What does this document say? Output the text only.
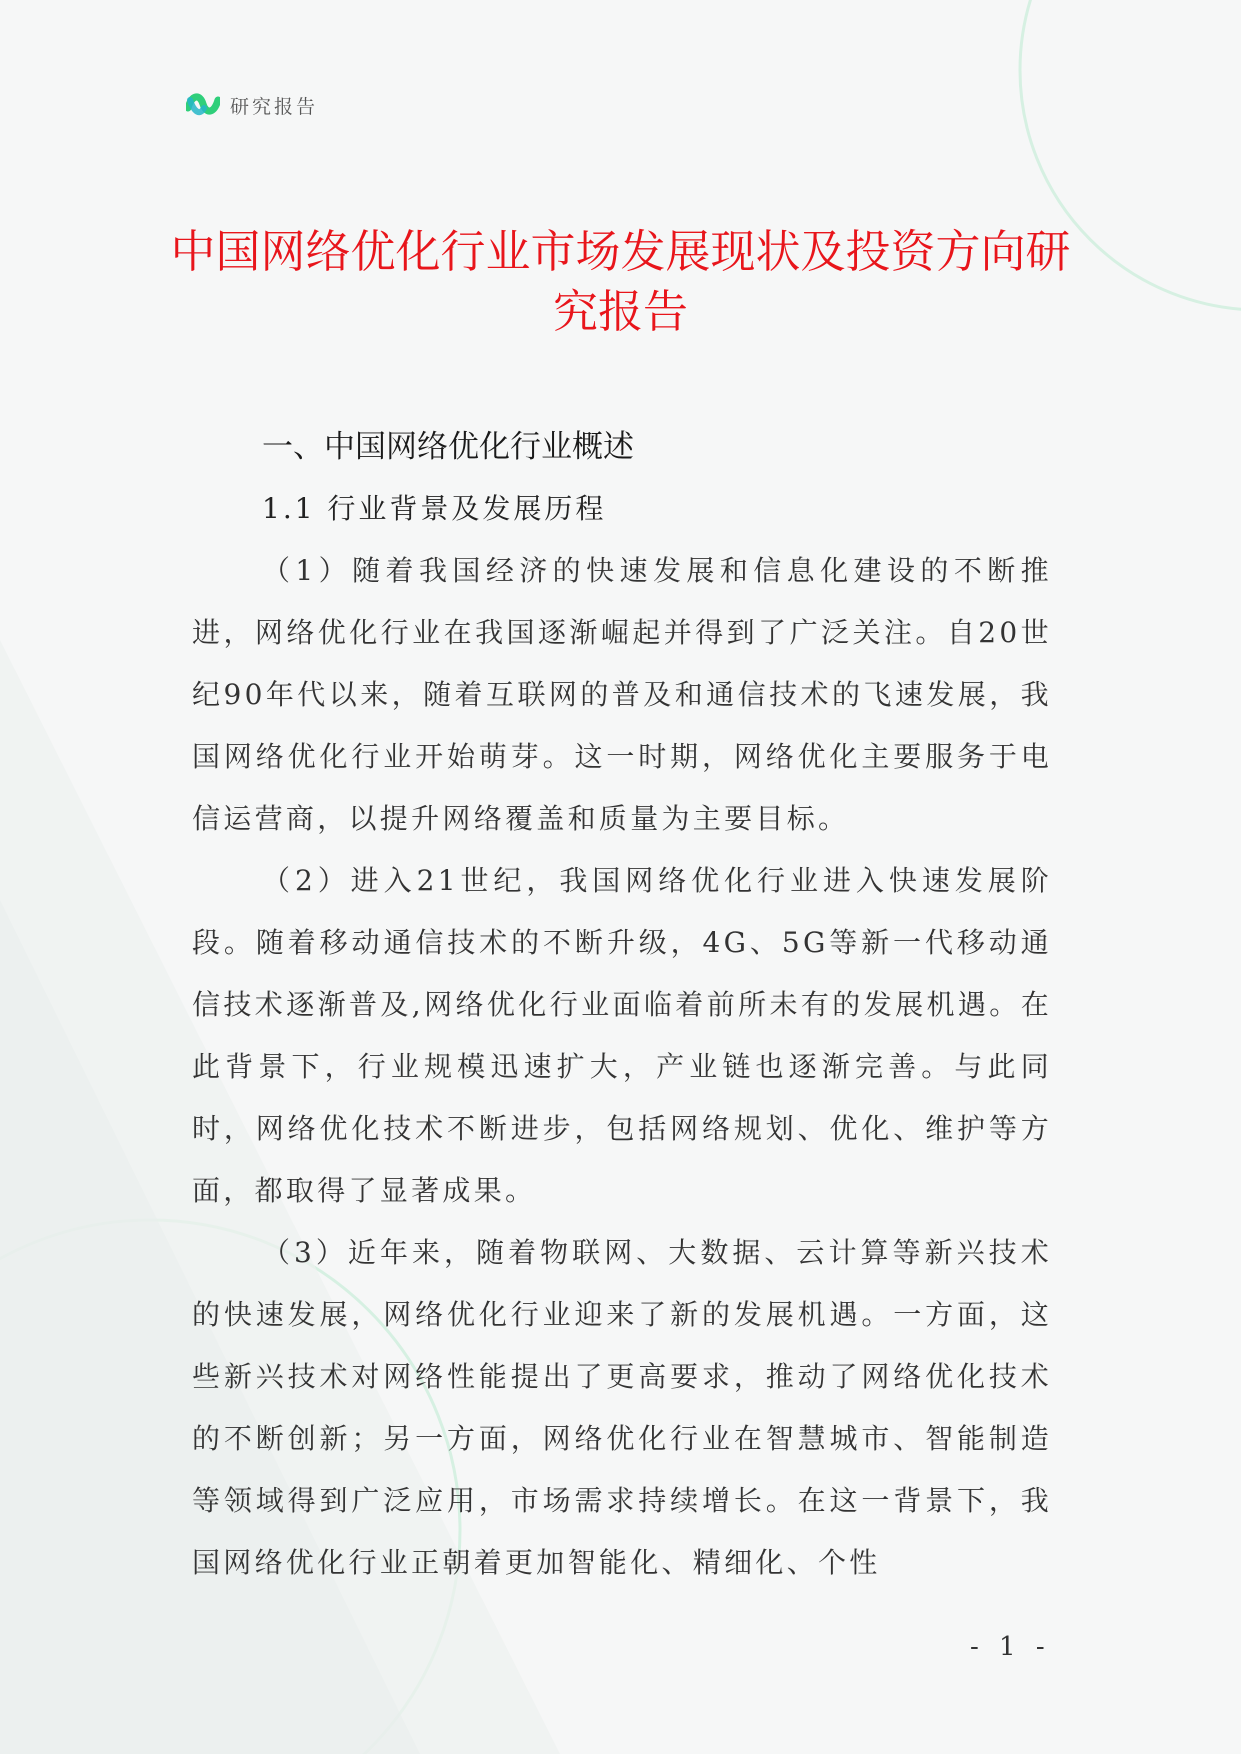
研究报告
中国网络优化行业市场发展现状及投资方向研究报告
一、中国网络优化行业概述
1.1 行业背景及发展历程

（1）随着我国经济的快速发展和信息化建设的不断推进，网络优化行业在我国逐渐崛起并得到了广泛关注。自20世纪90年代以来，随着互联网的普及和通信技术的飞速发展，我国网络优化行业开始萌芽。这一时期，网络优化主要服务于电信运营商，以提升网络覆盖和质量为主要目标。

（2）进入21世纪，我国网络优化行业进入快速发展阶段。随着移动通信技术的不断升级，4G、5G等新一代移动通信技术逐渐普及,网络优化行业面临着前所未有的发展机遇。在此背景下，行业规模迅速扩大，产业链也逐渐完善。与此同时，网络优化技术不断进步，包括网络规划、优化、维护等方面，都取得了显著成果。

（3）近年来，随着物联网、大数据、云计算等新兴技术的快速发展，网络优化行业迎来了新的发展机遇。一方面，这些新兴技术对网络性能提出了更高要求，推动了网络优化技术的不断创新；另一方面，网络优化行业在智慧城市、智能制造等领域得到广泛应用，市场需求持续增长。在这一背景下，我国网络优化行业正朝着更加智能化、精细化、个性

- 1 -
